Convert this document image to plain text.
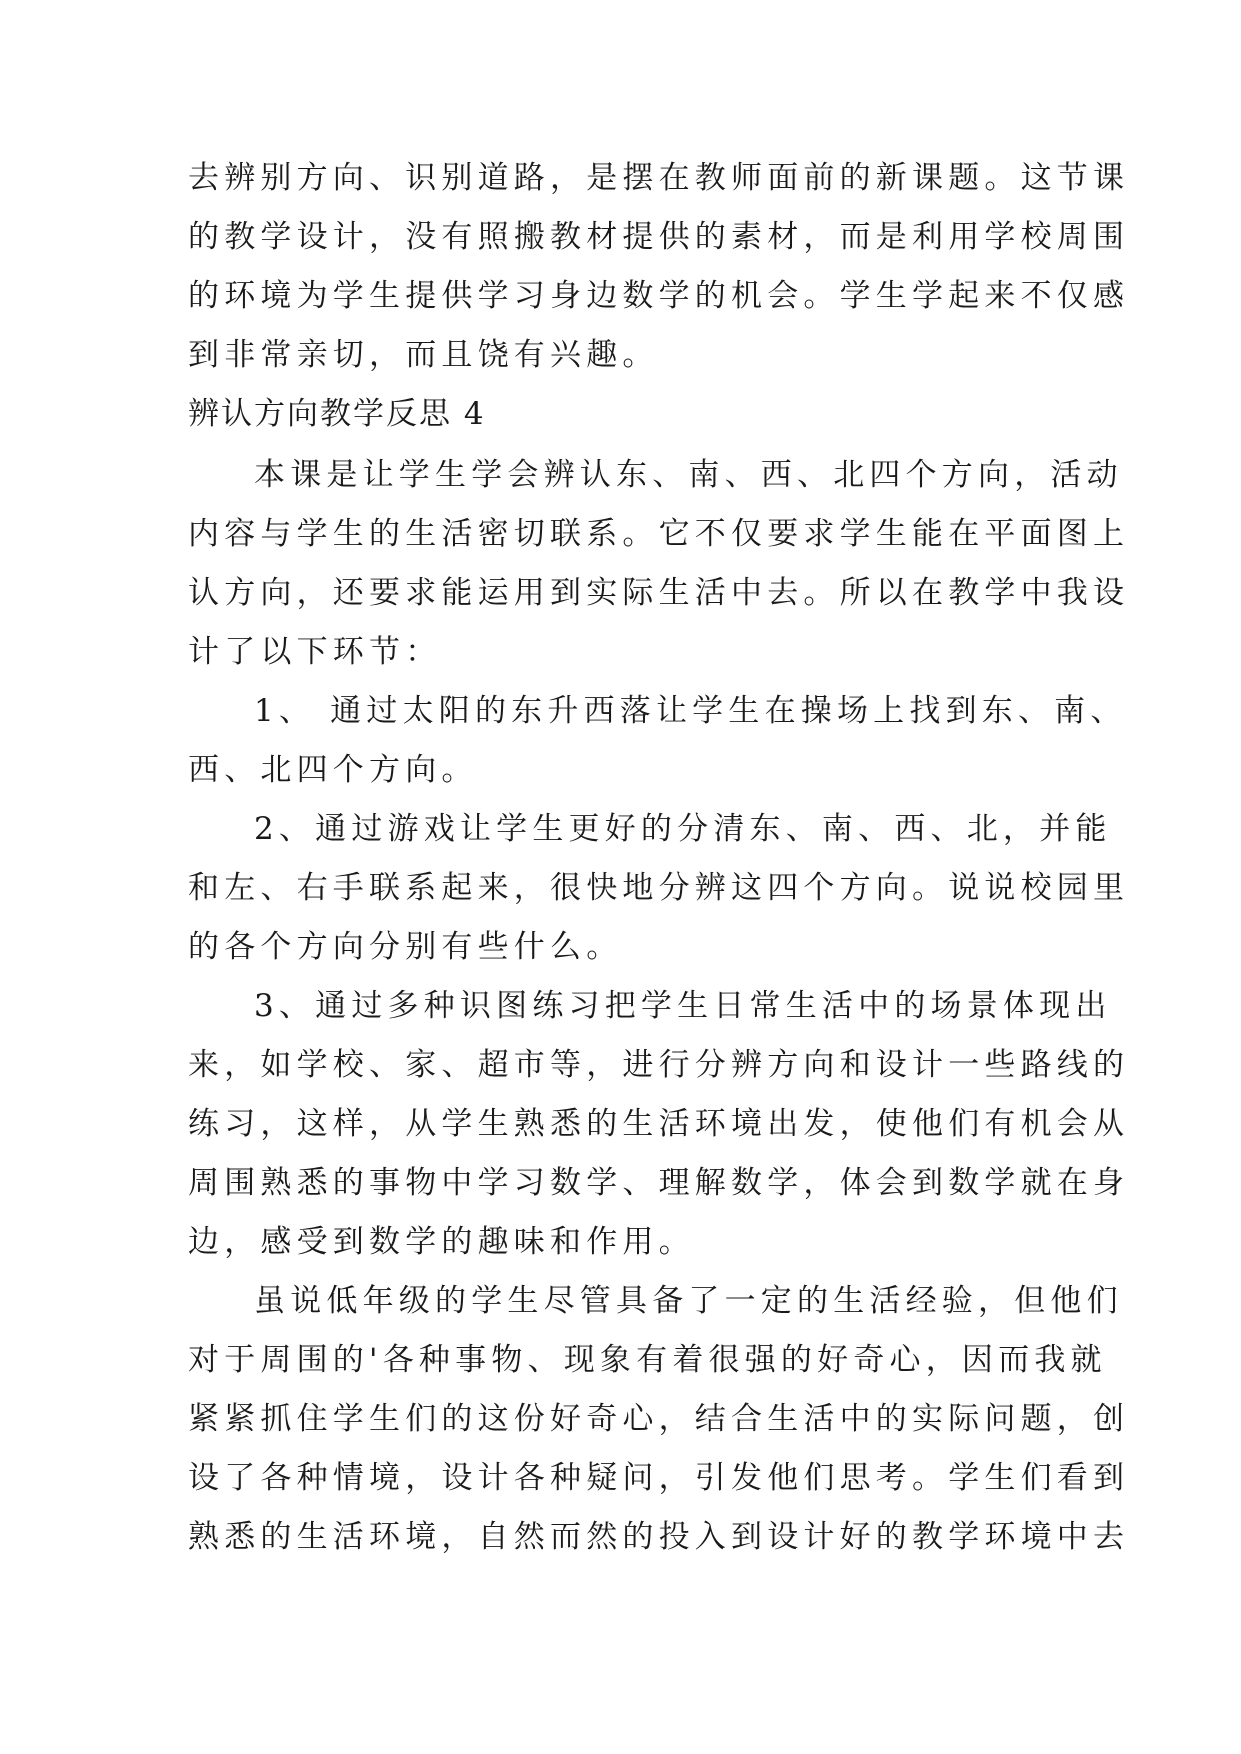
去辨别方向、识别道路，是摆在教师面前的新课题。这节课
的教学设计，没有照搬教材提供的素材，而是利用学校周围
的环境为学生提供学习身边数学的机会。学生学起来不仅感
到非常亲切，而且饶有兴趣。
辨认方向教学反思 4
本课是让学生学会辨认东、南、西、北四个方向，活动
内容与学生的生活密切联系。它不仅要求学生能在平面图上
认方向，还要求能运用到实际生活中去。所以在教学中我设
计了以下环节：
1、 通过太阳的东升西落让学生在操场上找到东、南、
西、北四个方向。
2、通过游戏让学生更好的分清东、南、西、北，并能
和左、右手联系起来，很快地分辨这四个方向。说说校园里
的各个方向分别有些什么。
3、通过多种识图练习把学生日常生活中的场景体现出
来，如学校、家、超市等，进行分辨方向和设计一些路线的
练习，这样，从学生熟悉的生活环境出发，使他们有机会从
周围熟悉的事物中学习数学、理解数学，体会到数学就在身
边，感受到数学的趣味和作用。
虽说低年级的学生尽管具备了一定的生活经验，但他们
对于周围的'各种事物、现象有着很强的好奇心，因而我就
紧紧抓住学生们的这份好奇心，结合生活中的实际问题，创
设了各种情境，设计各种疑问，引发他们思考。学生们看到
熟悉的生活环境，自然而然的投入到设计好的教学环境中去
